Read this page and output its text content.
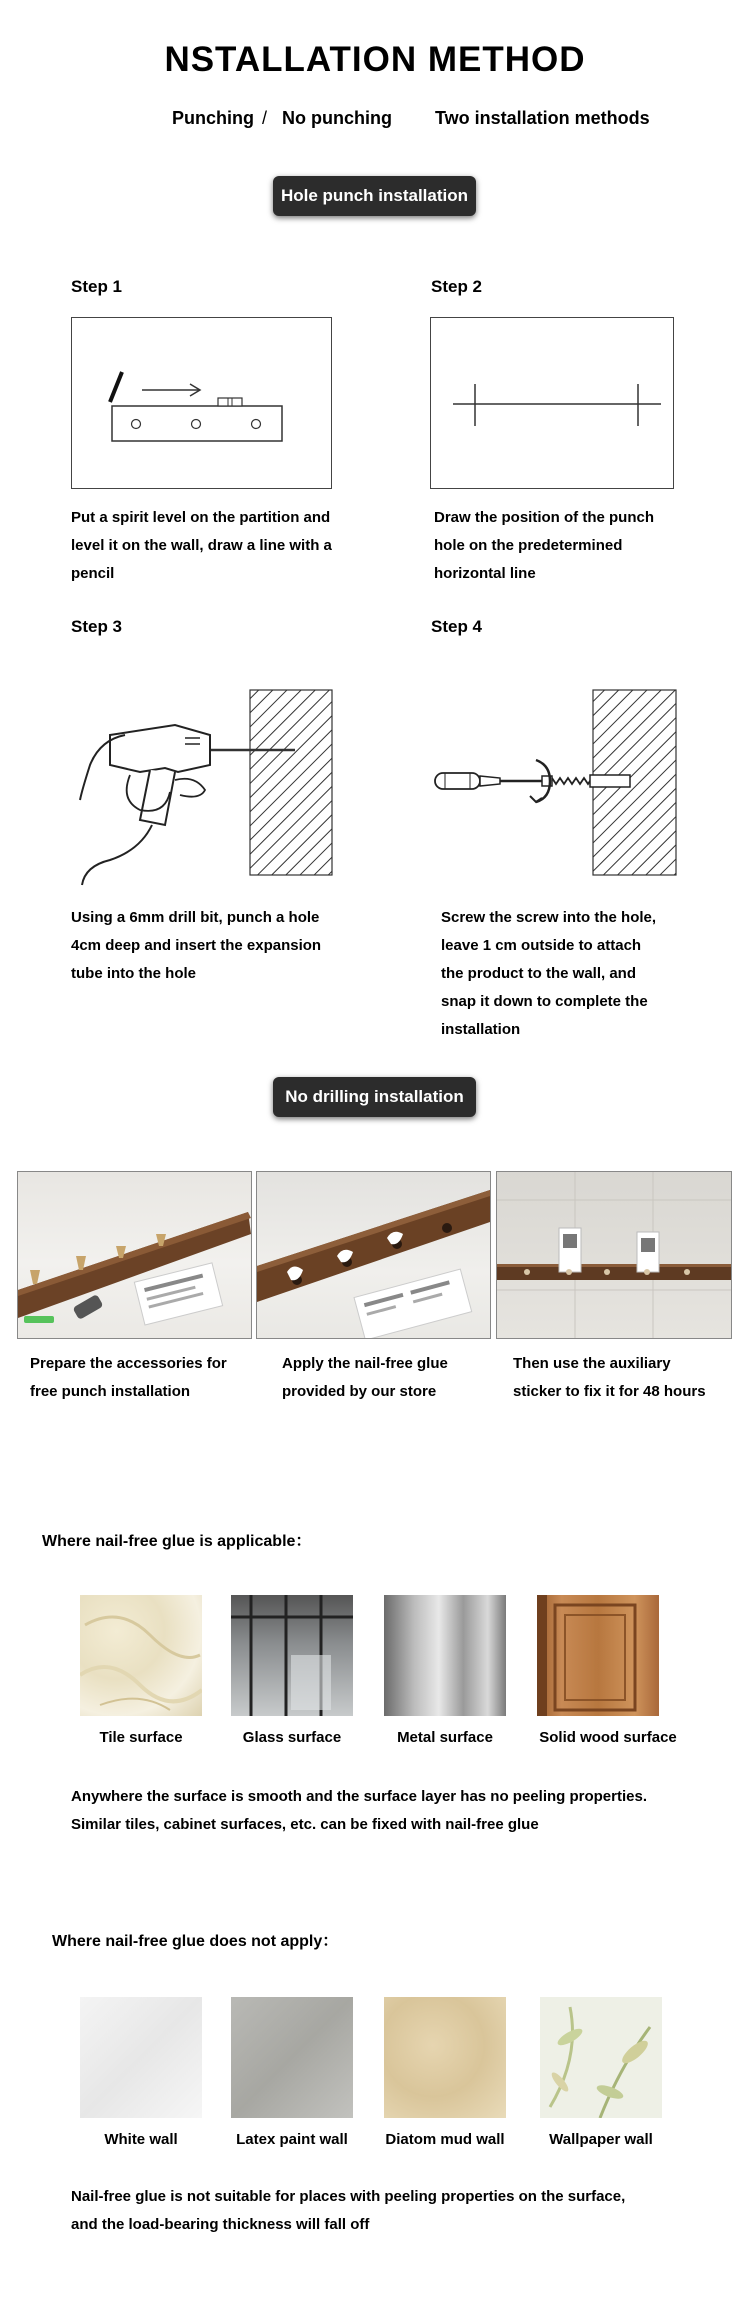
NSTALLATION METHOD
Punching / No punching Two installation methods
Hole punch installation
Step 1
Put a spirit level on the partition and
level it on the wall, draw a line with a
pencil
Step 2
Draw the position of the punch
hole on the predetermined
horizontal line
Step 3
Using a 6mm drill bit, punch a hole
4cm deep and insert the expansion
tube into the hole
Step 4
Screw the screw into the hole,
leave 1 cm outside to attach
the product to the wall, and
snap it down to complete the
installation
No drilling installation
Prepare the accessories for
free punch installation
Apply the nail-free glue
provided by our store
Then use the auxiliary
sticker to fix it for 48 hours
Where nail-free glue is applicable：
Tile surface	Glass surface	Metal surface	Solid wood surface
Anywhere the surface is smooth and the surface layer has no peeling properties.
Similar tiles, cabinet surfaces, etc. can be fixed with nail-free glue
Where nail-free glue does not apply：
White wall	Latex paint wall	Diatom mud wall	Wallpaper wall
Nail-free glue is not suitable for places with peeling properties on the surface,
and the load-bearing thickness will fall off
